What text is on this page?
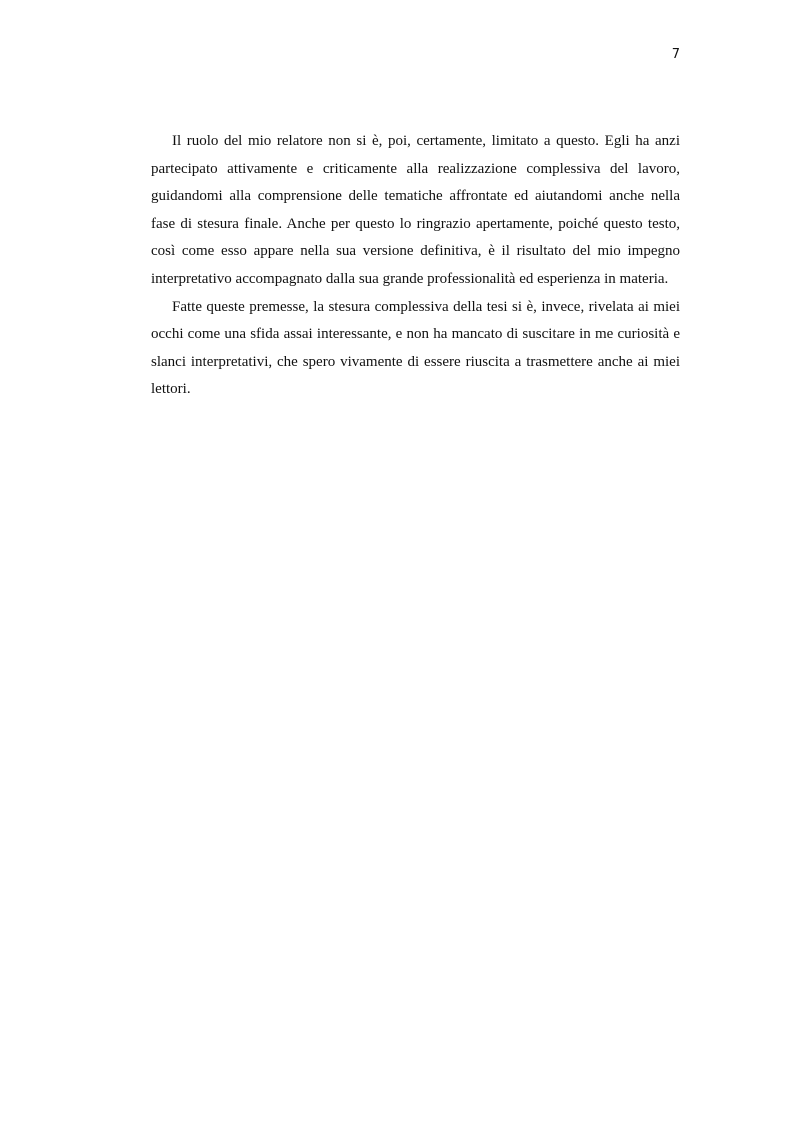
7

Il ruolo del mio relatore non si è, poi, certamente, limitato a questo. Egli ha anzi partecipato attivamente e criticamente alla realizzazione complessiva del lavoro, guidandomi alla comprensione delle tematiche affrontate ed aiutandomi anche nella fase di stesura finale. Anche per questo lo ringrazio apertamente, poiché questo testo, così come esso appare nella sua versione definitiva, è il risultato del mio impegno interpretativo accompagnato dalla sua grande professionalità ed esperienza in materia.

Fatte queste premesse, la stesura complessiva della tesi si è, invece, rivelata ai miei occhi come una sfida assai interessante, e non ha mancato di suscitare in me curiosità e slanci interpretativi, che spero vivamente di essere riuscita a trasmettere anche ai miei lettori.
